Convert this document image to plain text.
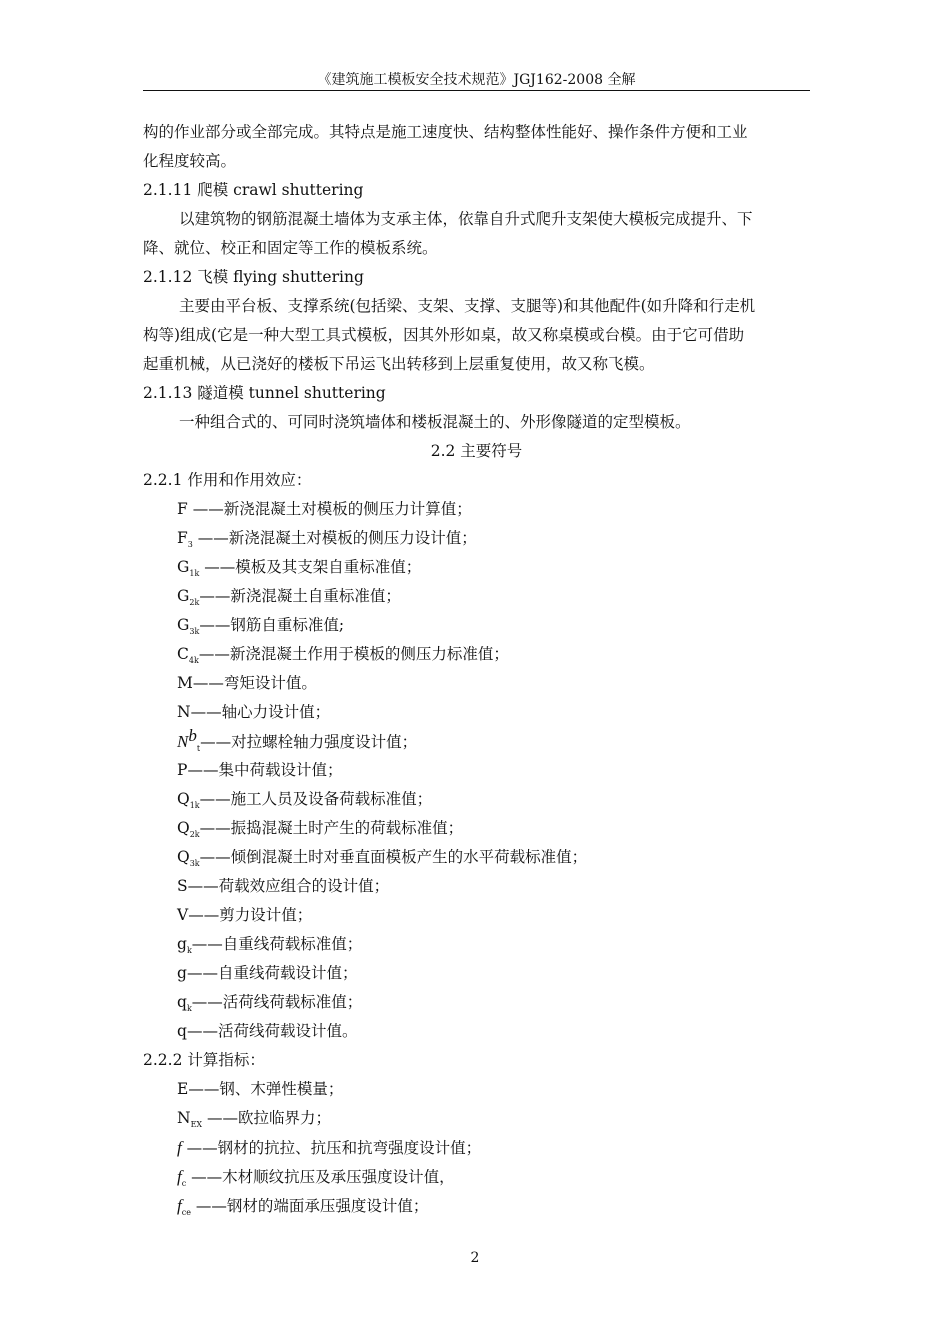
《建筑施工模板安全技术规范》JGJ162-2008 全解
构的作业部分或全部完成。其特点是施工速度快、结构整体性能好、操作条件方便和工业
化程度较高。
2.1.11 爬模 crawl shuttering
以建筑物的钢筋混凝土墙体为支承主体，依靠自升式爬升支架使大模板完成提升、下
降、就位、校正和固定等工作的模板系统。
2.1.12 飞模 flying shuttering
主要由平台板、支撑系统(包括梁、支架、支撑、支腿等)和其他配件(如升降和行走机
构等)组成(它是一种大型工具式模板，因其外形如桌，故又称桌模或台模。由于它可借助
起重机械，从已浇好的楼板下吊运飞出转移到上层重复使用，故又称飞模。
2.1.13 隧道模 tunnel shuttering
一种组合式的、可同时浇筑墙体和楼板混凝土的、外形像隧道的定型模板。
2.2 主要符号
2.2.1 作用和作用效应：
F ——新浇混凝土对模板的侧压力计算值；
$F_3$ ——新浇混凝土对模板的侧压力设计值；
$G_{1k}$ ——模板及其支架自重标准值；
$G_{2k}——$新浇混凝土自重标准值；
$G_{3k}——$钢筋自重标准值;
$C_{4k}——$新浇混凝土作用于模板的侧压力标准值；
M——弯矩设计值。
N——轴心力设计值；
$N^b_t——$对拉螺栓轴力强度设计值；
P——集中荷载设计值；
$Q_{1k}——$施工人员及设备荷载标准值；
$Q_{2k}——$振捣混凝土时产生的荷载标准值；
$Q_{3k}——$倾倒混凝土时对垂直面模板产生的水平荷载标准值；
S——荷载效应组合的设计值；
V——剪力设计值；
$g_k——$自重线荷载标准值；
g——自重线荷载设计值；
$q_k——$活荷线荷载标准值；
q——活荷线荷载设计值。
2.2.2 计算指标：
E——钢、木弹性模量；
$N_{EX}$ ——欧拉临界力；
f ——钢材的抗拉、抗压和抗弯强度设计值；
$f_c$ ——木材顺纹抗压及承压强度设计值，
$f_{ce}$ ——钢材的端面承压强度设计值；
2
